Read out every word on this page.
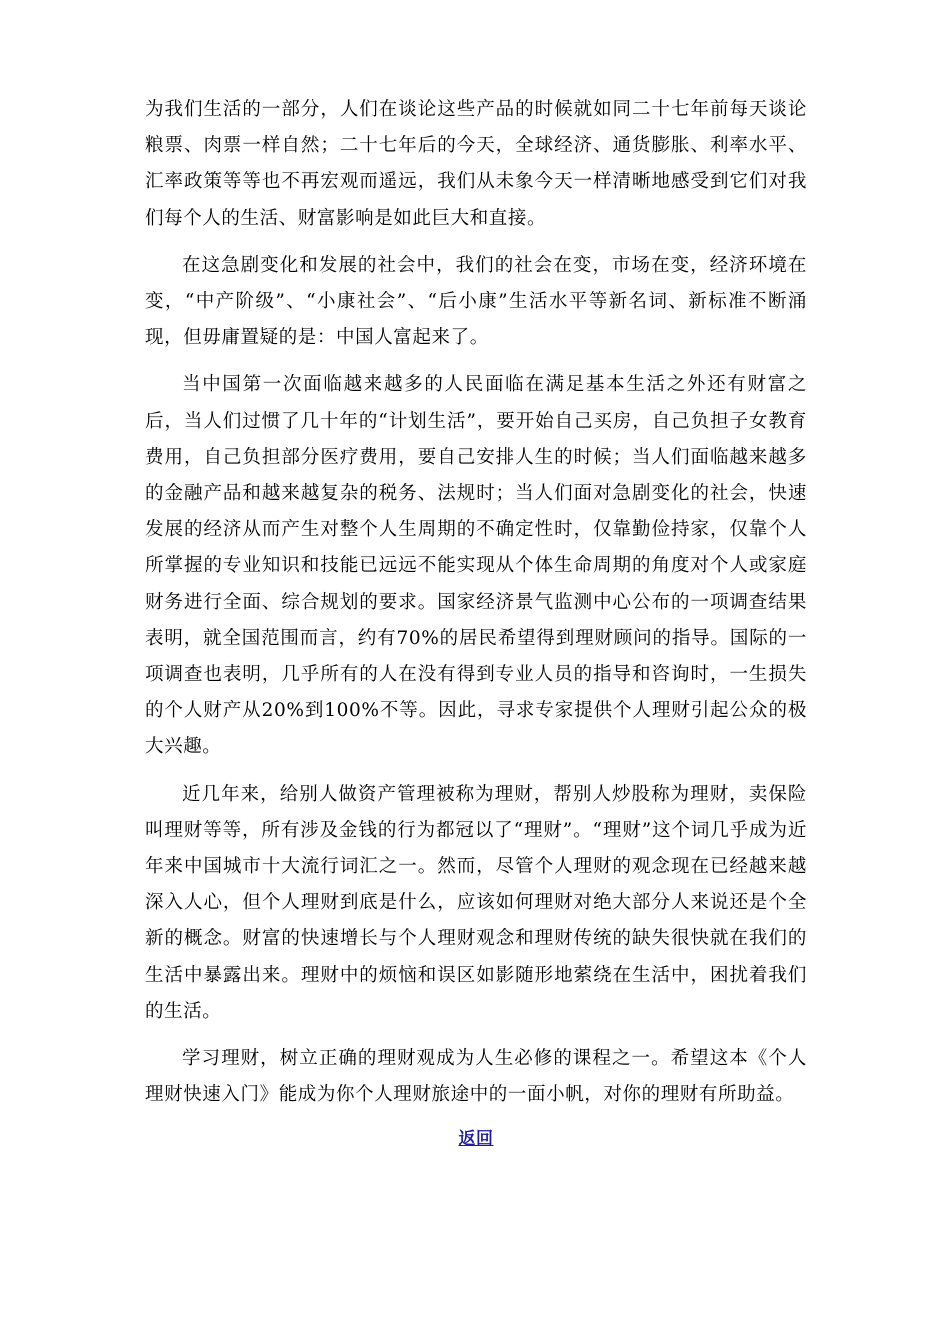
为我们生活的一部分，人们在谈论这些产品的时候就如同二十七年前每天谈论粮票、肉票一样自然；二十七年后的今天，全球经济、通货膨胀、利率水平、汇率政策等等也不再宏观而遥远，我们从未象今天一样清晰地感受到它们对我们每个人的生活、财富影响是如此巨大和直接。

在这急剧变化和发展的社会中，我们的社会在变，市场在变，经济环境在变，“中产阶级”、“小康社会”、“后小康”生活水平等新名词、新标准不断涌现，但毋庸置疑的是：中国人富起来了。

当中国第一次面临越来越多的人民面临在满足基本生活之外还有财富之后，当人们过惯了几十年的“计划生活”，要开始自己买房，自己负担子女教育费用，自己负担部分医疗费用，要自己安排人生的时候；当人们面临越来越多的金融产品和越来越复杂的税务、法规时；当人们面对急剧变化的社会，快速发展的经济从而产生对整个人生周期的不确定性时，仅靠勤俭持家，仅靠个人所掌握的专业知识和技能已远远不能实现从个体生命周期的角度对个人或家庭财务进行全面、综合规划的要求。国家经济景气监测中心公布的一项调查结果表明，就全国范围而言，约有70%的居民希望得到理财顾问的指导。国际的一项调查也表明，几乎所有的人在没有得到专业人员的指导和咨询时，一生损失的个人财产从20%到100%不等。因此，寻求专家提供个人理财引起公众的极大兴趣。

近几年来，给别人做资产管理被称为理财，帮别人炒股称为理财，卖保险叫理财等等，所有涉及金钱的行为都冠以了“理财”。“理财”这个词几乎成为近年来中国城市十大流行词汇之一。然而，尽管个人理财的观念现在已经越来越深入人心，但个人理财到底是什么，应该如何理财对绝大部分人来说还是个全新的概念。财富的快速增长与个人理财观念和理财传统的缺失很快就在我们的生活中暴露出来。理财中的烦恼和误区如影随形地萦绕在生活中，困扰着我们的生活。

学习理财，树立正确的理财观成为人生必修的课程之一。希望这本《个人理财快速入门》能成为你个人理财旅途中的一面小帆，对你的理财有所助益。

返回
